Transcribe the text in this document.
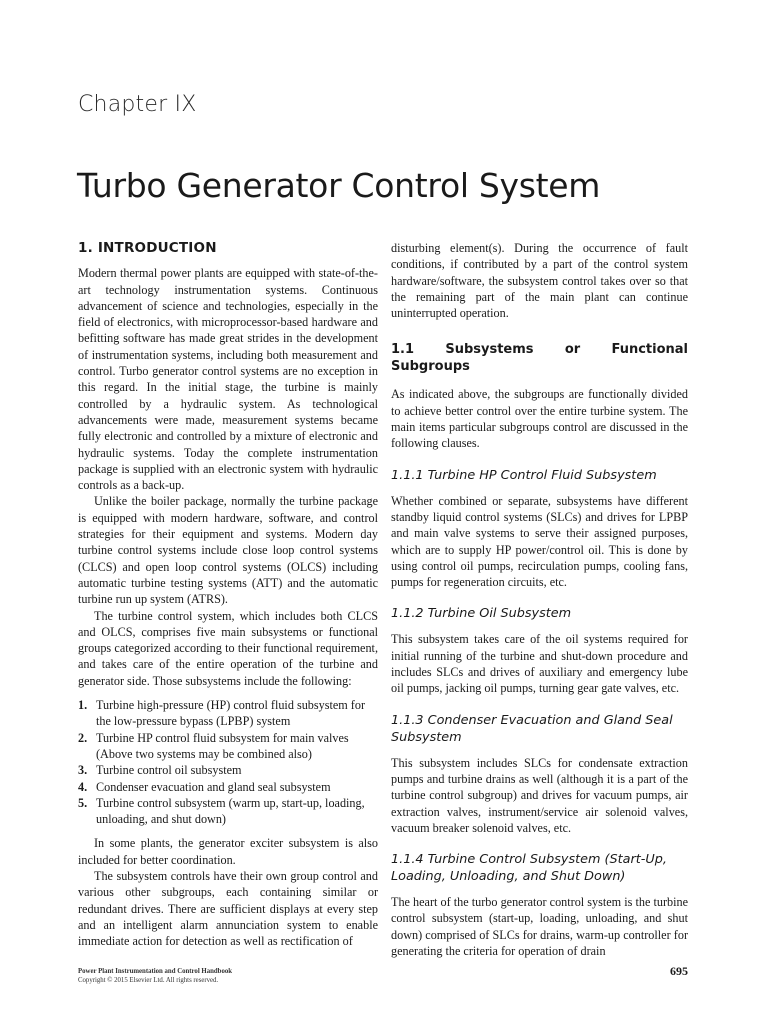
Chapter IX
Turbo Generator Control System
1. INTRODUCTION

Modern thermal power plants are equipped with state-of-the-art technology instrumentation systems. Continuous advancement of science and technologies, especially in the field of electronics, with microprocessor-based hardware and befitting software has made great strides in the development of instrumentation systems, including both measurement and control. Turbo generator control systems are no exception in this regard. In the initial stage, the turbine is mainly controlled by a hydraulic system. As technological advancements were made, measurement systems became fully electronic and controlled by a mixture of electronic and hydraulic systems. Today the complete instrumentation package is supplied with an electronic system with hydraulic controls as a back-up.

Unlike the boiler package, normally the turbine package is equipped with modern hardware, software, and control strategies for their equipment and systems. Modern day turbine control systems include close loop control systems (CLCS) and open loop control systems (OLCS) including automatic turbine testing systems (ATT) and the automatic turbine run up system (ATRS).

The turbine control system, which includes both CLCS and OLCS, comprises five main subsystems or functional groups categorized according to their functional requirement, and takes care of the entire operation of the turbine and generator side. Those subsystems include the following:

1. Turbine high-pressure (HP) control fluid subsystem for the low-pressure bypass (LPBP) system
2. Turbine HP control fluid subsystem for main valves (Above two systems may be combined also)
3. Turbine control oil subsystem
4. Condenser evacuation and gland seal subsystem
5. Turbine control subsystem (warm up, start-up, loading, unloading, and shut down)

In some plants, the generator exciter subsystem is also included for better coordination.

The subsystem controls have their own group control and various other subgroups, each containing similar or redundant drives. There are sufficient displays at every step and an intelligent alarm annunciation system to enable immediate action for detection as well as rectification of

disturbing element(s). During the occurrence of fault conditions, if contributed by a part of the control system hardware/software, the subsystem control takes over so that the remaining part of the main plant can continue uninterrupted operation.

1.1 Subsystems or Functional Subgroups

As indicated above, the subgroups are functionally divided to achieve better control over the entire turbine system. The main items particular subgroups control are discussed in the following clauses.

1.1.1 Turbine HP Control Fluid Subsystem

Whether combined or separate, subsystems have different standby liquid control systems (SLCs) and drives for LPBP and main valve systems to serve their assigned purposes, which are to supply HP power/control oil. This is done by using control oil pumps, recirculation pumps, cooling fans, pumps for regeneration circuits, etc.

1.1.2 Turbine Oil Subsystem

This subsystem takes care of the oil systems required for initial running of the turbine and shut-down procedure and includes SLCs and drives of auxiliary and emergency lube oil pumps, jacking oil pumps, turning gear gate valves, etc.

1.1.3 Condenser Evacuation and Gland Seal Subsystem

This subsystem includes SLCs for condensate extraction pumps and turbine drains as well (although it is a part of the turbine control subgroup) and drives for vacuum pumps, air extraction valves, instrument/service air solenoid valves, vacuum breaker solenoid valves, etc.

1.1.4 Turbine Control Subsystem (Start-Up, Loading, Unloading, and Shut Down)

The heart of the turbo generator control system is the turbine control subsystem (start-up, loading, unloading, and shut down) comprised of SLCs for drains, warm-up controller for generating the criteria for operation of drain

Power Plant Instrumentation and Control Handbook
Copyright © 2015 Elsevier Ltd. All rights reserved.
695
